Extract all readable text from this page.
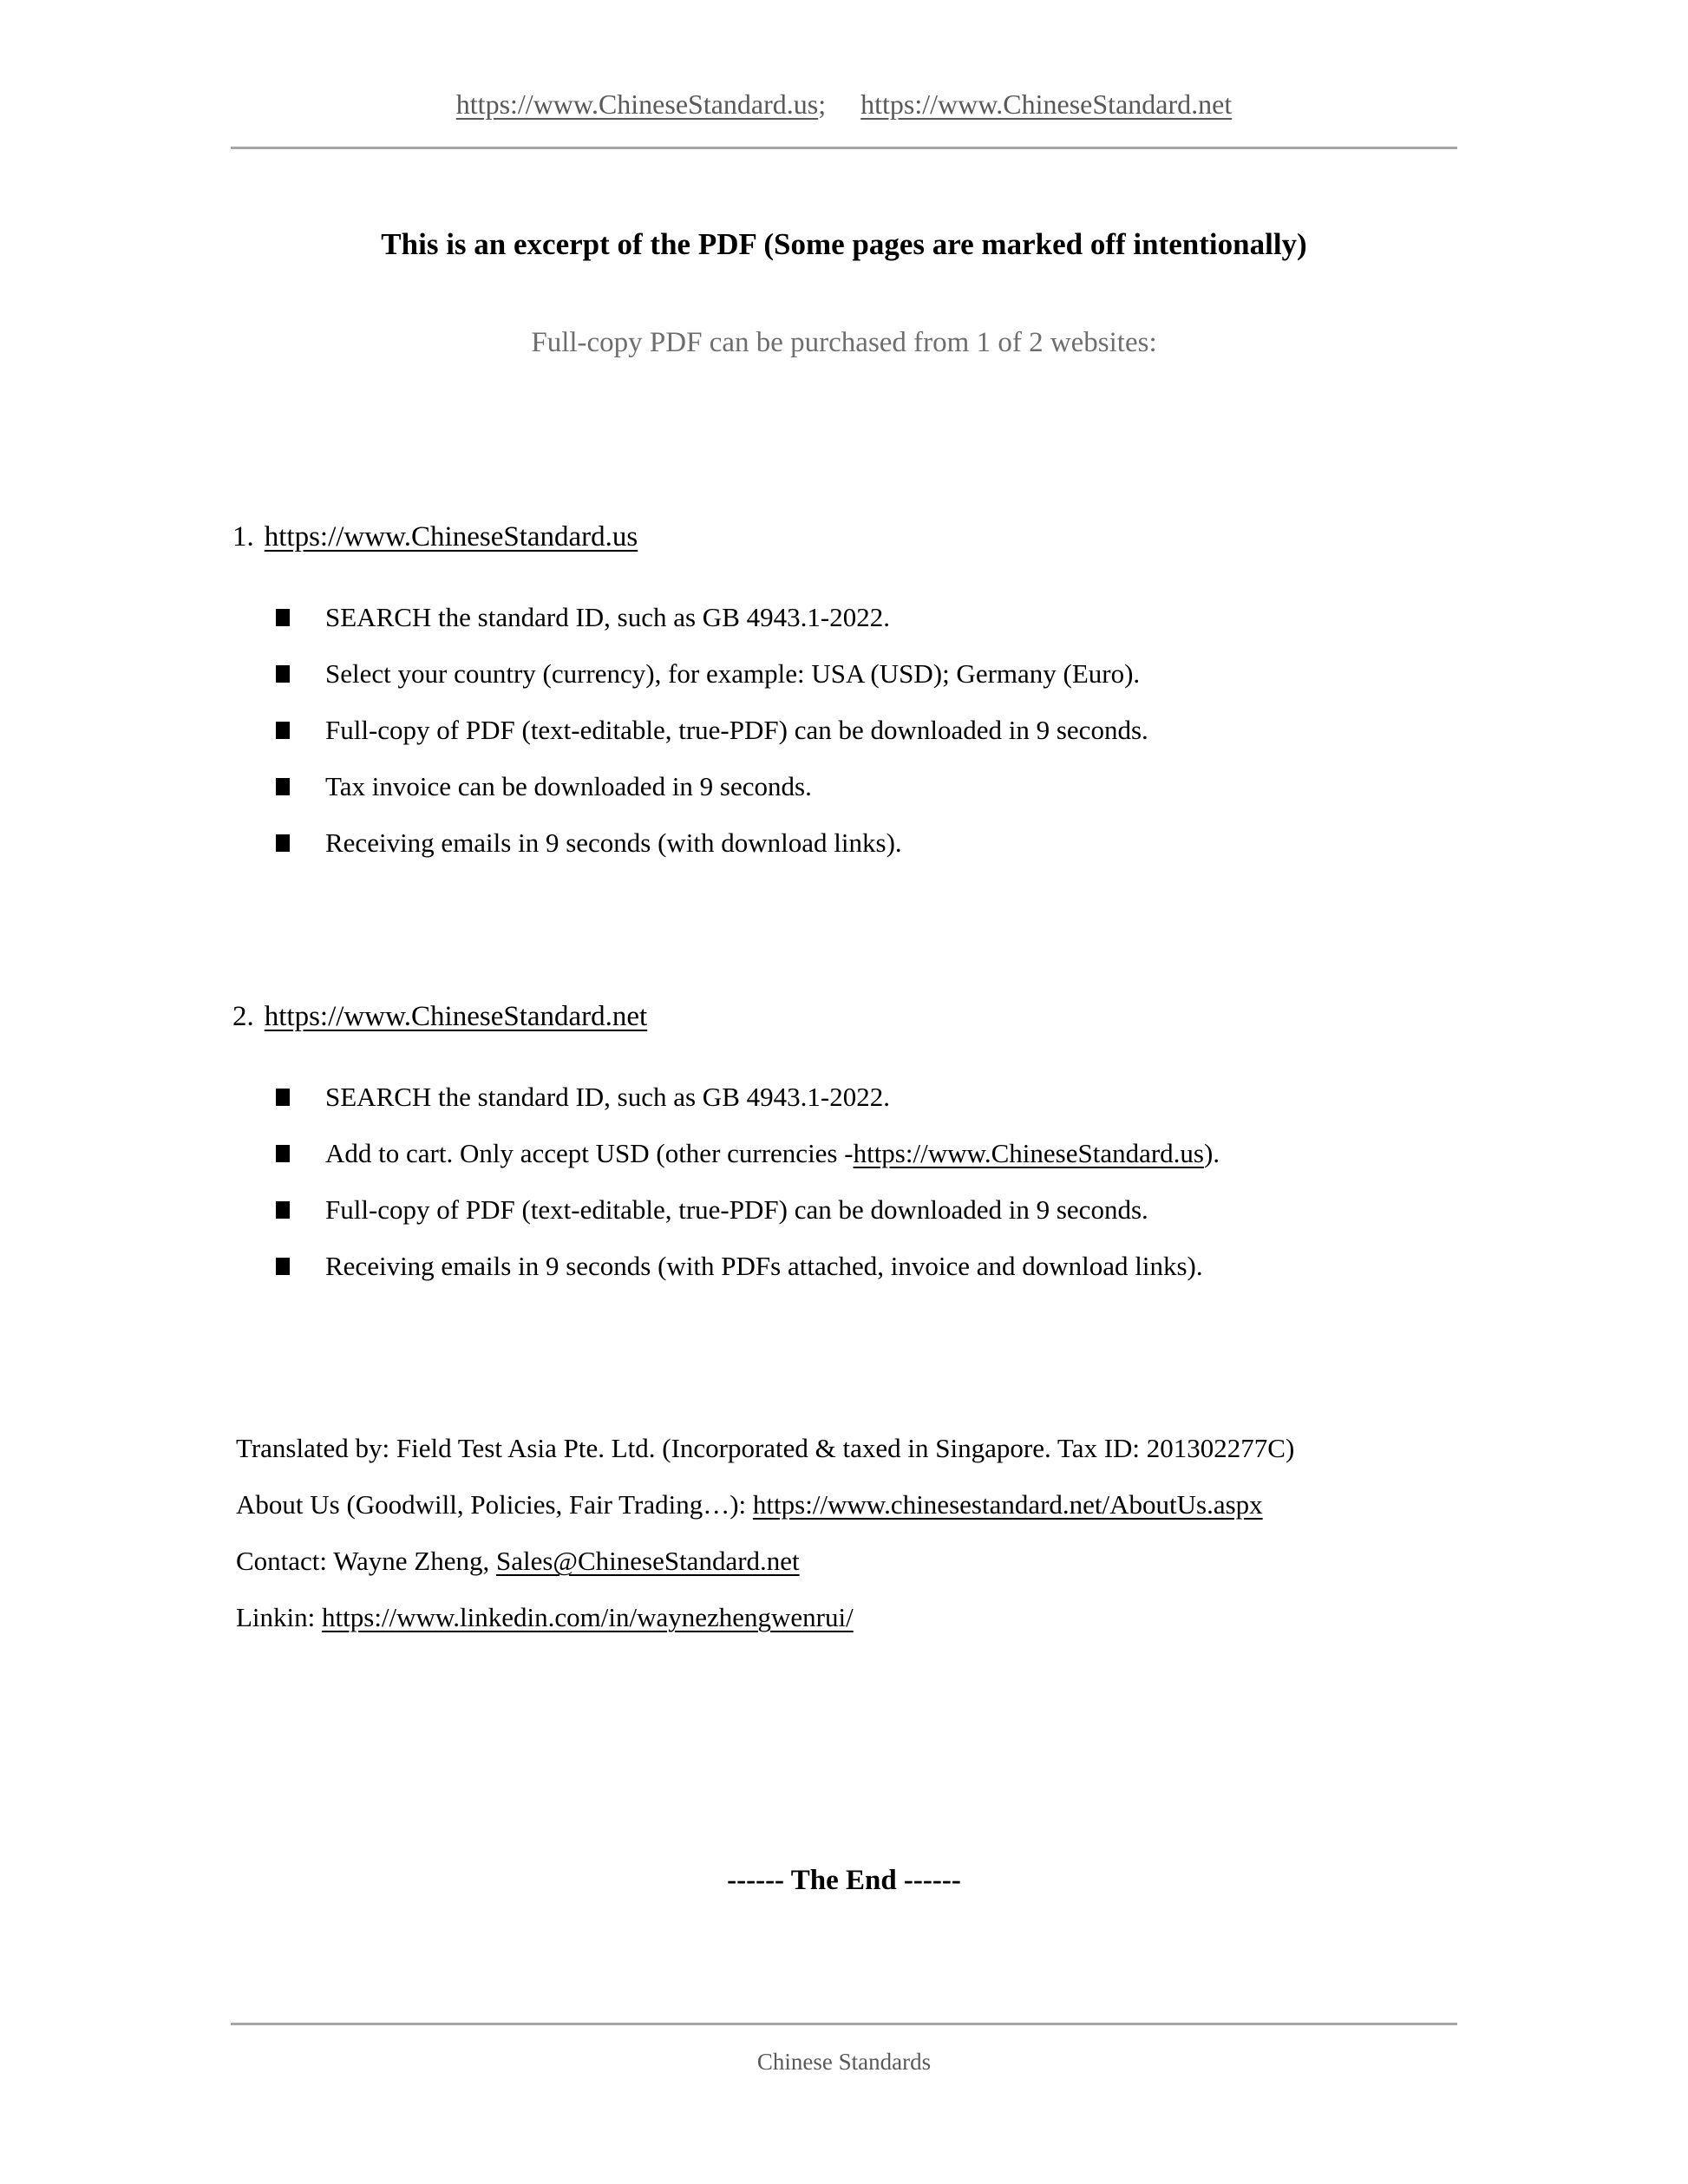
https://www.ChineseStandard.us; https://www.ChineseStandard.net
This is an excerpt of the PDF (Some pages are marked off intentionally)
Full-copy PDF can be purchased from 1 of 2 websites:
1. https://www.ChineseStandard.us
SEARCH the standard ID, such as GB 4943.1-2022.
Select your country (currency), for example: USA (USD); Germany (Euro).
Full-copy of PDF (text-editable, true-PDF) can be downloaded in 9 seconds.
Tax invoice can be downloaded in 9 seconds.
Receiving emails in 9 seconds (with download links).
2. https://www.ChineseStandard.net
SEARCH the standard ID, such as GB 4943.1-2022.
Add to cart. Only accept USD (other currencies - https://www.ChineseStandard.us ).
Full-copy of PDF (text-editable, true-PDF) can be downloaded in 9 seconds.
Receiving emails in 9 seconds (with PDFs attached, invoice and download links).
Translated by: Field Test Asia Pte. Ltd. (Incorporated & taxed in Singapore. Tax ID: 201302277C)
About Us (Goodwill, Policies, Fair Trading…): https://www.chinesestandard.net/AboutUs.aspx
Contact: Wayne Zheng, Sales@ChineseStandard.net
Linkin: https://www.linkedin.com/in/waynezhengwenrui/
------ The End ------
Chinese Standards
